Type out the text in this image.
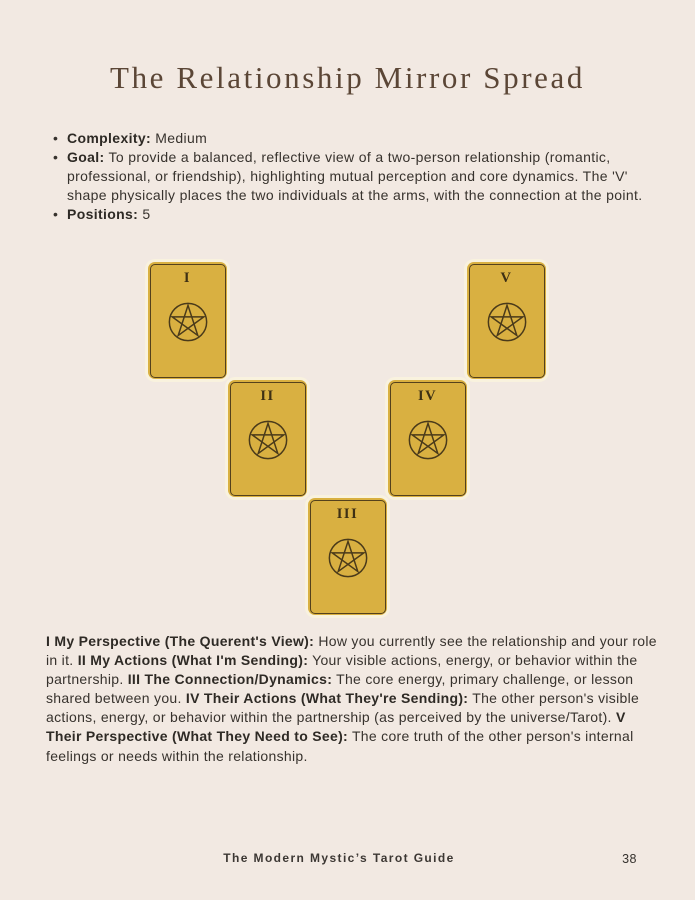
The Relationship Mirror Spread
• Complexity: Medium
• Goal: To provide a balanced, reflective view of a two-person relationship (romantic, professional, or friendship), highlighting mutual perception and core dynamics. The 'V' shape physically places the two individuals at the arms, with the connection at the point.
• Positions: 5
I
II
III
IV
V
I My Perspective (The Querent's View): How you currently see the relationship and your role in it. II My Actions (What I'm Sending): Your visible actions, energy, or behavior within the partnership. III The Connection/Dynamics: The core energy, primary challenge, or lesson shared between you. IV Their Actions (What They're Sending): The other person's visible actions, energy, or behavior within the partnership (as perceived by the universe/Tarot). V Their Perspective (What They Need to See): The core truth of the other person's internal feelings or needs within the relationship.
The Modern Mystic’s Tarot Guide	38
